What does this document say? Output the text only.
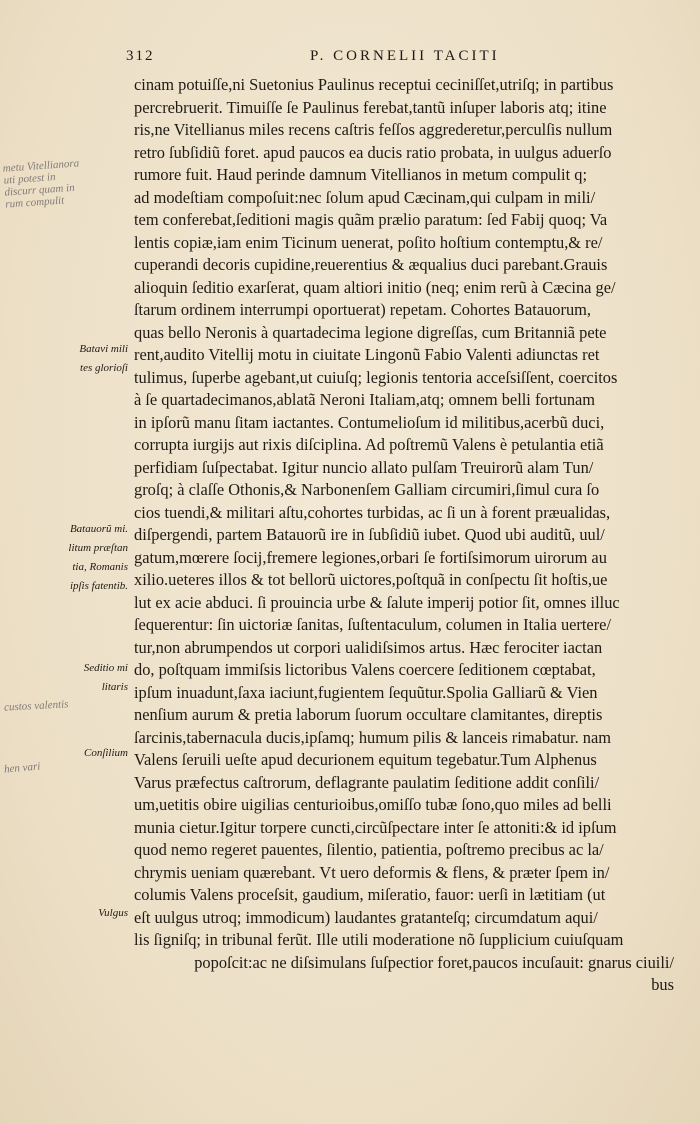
312	P. CORNELII TACITI
cinam potuiſſe,ni Suetonius Paulinus receptui ceciniſſet,utriſq; in partibus
percrebruerit. Timuiſſe ſe Paulinus ferebat,tantũ inſuper laboris atq; itine
ris,ne Vitellianus miles recens caſtris feſſos aggrederetur,perculſis nullum
retro ſubſidiũ foret. apud paucos ea ducis ratio probata, in uulgus aduerſo
rumore fuit. Haud perinde damnum Vitellianos in metum compulit q;
ad modeſtiam compoſuit:nec ſolum apud Cæcinam,qui culpam in mili/
tem conferebat,ſeditioni magis quãm prælio paratum: ſed Fabij quoq; Va
lentis copiæ,iam enim Ticinum uenerat, poſito hoſtium contemptu,& re/
cuperandi decoris cupidine,reuerentius & æqualius duci parebant.Grauis
alioquin ſeditio exarſerat, quam altiori initio (neq; enim rerũ à Cæcina ge/
ſtarum ordinem interrumpi oportuerat) repetam. Cohortes Batauorum,
quas bello Neronis à quartadecima legione digreſſas, cum Britanniã pete
rent,audito Vitellij motu in ciuitate Lingonũ Fabio Valenti adiunctas ret
tulimus, ſuperbe agebant,ut cuiuſq; legionis tentoria acceſsiſſent, coercitos
à ſe quartadecimanos,ablatã Neroni Italiam,atq; omnem belli fortunam
in ipſorũ manu ſitam iactantes. Contumelioſum id militibus,acerbũ duci,
corrupta iurgijs aut rixis diſciplina. Ad poſtremũ Valens è petulantia etiã
perfidiam ſuſpectabat. Igitur nuncio allato pulſam Treuirorũ alam Tun/
groſq; à claſſe Othonis,& Narbonenſem Galliam circumiri,ſimul cura ſo
cios tuendi,& militari aſtu,cohortes turbidas, ac ſi un à forent præualidas,
diſpergendi, partem Batauorũ ire in ſubſidiũ iubet. Quod ubi auditũ, uul/
gatum,mœrere ſocij,fremere legiones,orbari ſe fortiſsimorum uirorum au
xilio.ueteres illos & tot bellorũ uictores,poſtquã in conſpectu ſit hoſtis,ue
lut ex acie abduci. ſi prouincia urbe & ſalute imperij potior ſit, omnes illuc
ſequerentur: ſin uictoriæ ſanitas, ſuſtentaculum, columen in Italia uertere/
tur,non abrumpendos ut corpori ualidiſsimos artus. Hæc ferociter iactan
do, poſtquam immiſsis lictoribus Valens coercere ſeditionem cœptabat,
ipſum inuadunt,ſaxa iaciunt,fugientem ſequũtur.Spolia Galliarũ & Vien
nenſium aurum & pretia laborum ſuorum occultare clamitantes, direptis
ſarcinis,tabernacula ducis,ipſamq; humum pilis & lanceis rimabatur. nam
Valens ſeruili ueſte apud decurionem equitum tegebatur.Tum Alphenus
Varus præfectus caſtrorum, deflagrante paulatim ſeditione addit conſili/
um,uetitis obire uigilias centurioibus,omiſſo tubæ ſono,quo miles ad belli
munia cietur.Igitur torpere cuncti,circũſpectare inter ſe attoniti:& id ipſum
quod nemo regeret pauentes, ſilentio, patientia, poſtremo precibus ac la/
chrymis ueniam quærebant. Vt uero deformis & flens, & præter ſpem in/
columis Valens proceſsit, gaudium, miſeratio, fauor: uerſi in lætitiam (ut
eſt uulgus utroq; immodicum) laudantes gratanteſq; circumdatum aqui/
lis ſigniſq; in tribunal ferũt. Ille utili moderatione nõ ſupplicium cuiuſquam
popoſcit:ac ne diſsimulans ſuſpectior foret,paucos incuſauit: gnarus ciuili/
bus
Batavi mili
tes glorioſi
Batauorũ mi.
litum præſtan
tia, Romanis
ipſis fatentib.
Seditio mi
litaris
Conſilium
Vulgus
metu Vitellianora
uti potest in
discurr quam in
rum compulit
custos valentis
hen vari
